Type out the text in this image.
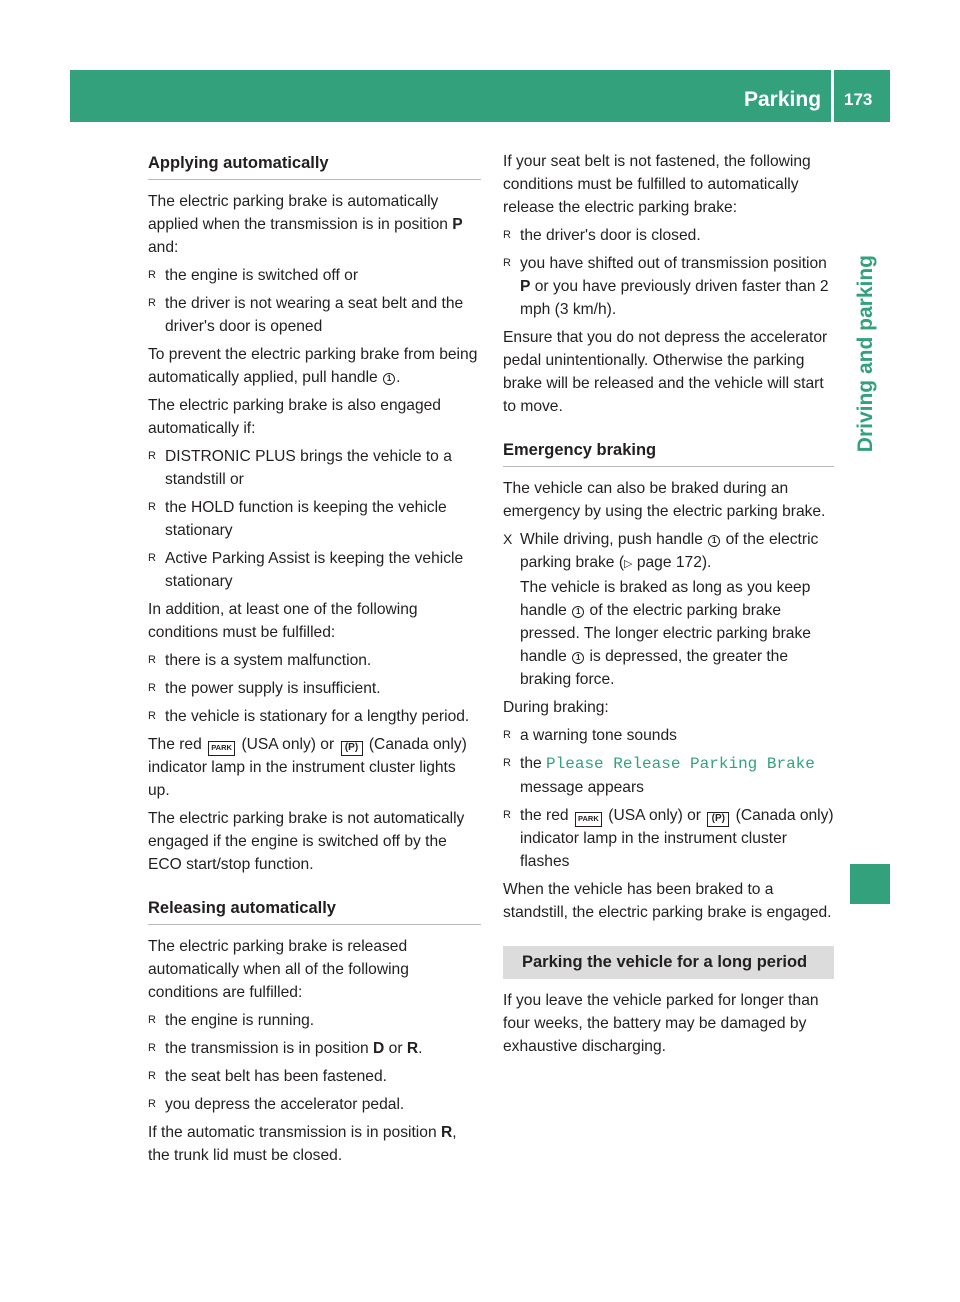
Parking 173
Driving and parking
Applying automatically

The electric parking brake is automatically applied when the transmission is in position P and:

R the engine is switched off or
R the driver is not wearing a seat belt and the driver's door is opened

To prevent the electric parking brake from being automatically applied, pull handle 1 .

The electric parking brake is also engaged automatically if:

R DISTRONIC PLUS brings the vehicle to a standstill or
R the HOLD function is keeping the vehicle stationary
R Active Parking Assist is keeping the vehicle stationary

In addition, at least one of the following conditions must be fulfilled:

R there is a system malfunction.
R the power supply is insufficient.
R the vehicle is stationary for a lengthy period.

The red PARK (USA only) or (P) (Canada only) indicator lamp in the instrument cluster lights up.

The electric parking brake is not automatically engaged if the engine is switched off by the ECO start/stop function.

Releasing automatically

The electric parking brake is released automatically when all of the following conditions are fulfilled:

R the engine is running.
R the transmission is in position D or R.
R the seat belt has been fastened.
R you depress the accelerator pedal.

If the automatic transmission is in position R, the trunk lid must be closed.

If your seat belt is not fastened, the following conditions must be fulfilled to automatically release the electric parking brake:

R the driver's door is closed.
R you have shifted out of transmission position P or you have previously driven faster than 2 mph (3 km/h).

Ensure that you do not depress the accelerator pedal unintentionally. Otherwise the parking brake will be released and the vehicle will start to move.

Emergency braking

The vehicle can also be braked during an emergency by using the electric parking brake.

X While driving, push handle 1 of the electric parking brake (▷ page 172).
The vehicle is braked as long as you keep handle 1 of the electric parking brake pressed. The longer electric parking brake handle 1 is depressed, the greater the braking force.

During braking:

R a warning tone sounds
R the Please Release Parking Brake
message appears
R the red PARK (USA only) or (P) (Canada only) indicator lamp in the instrument cluster flashes

When the vehicle has been braked to a standstill, the electric parking brake is engaged.

Parking the vehicle for a long period

If you leave the vehicle parked for longer than four weeks, the battery may be damaged by exhaustive discharging.
